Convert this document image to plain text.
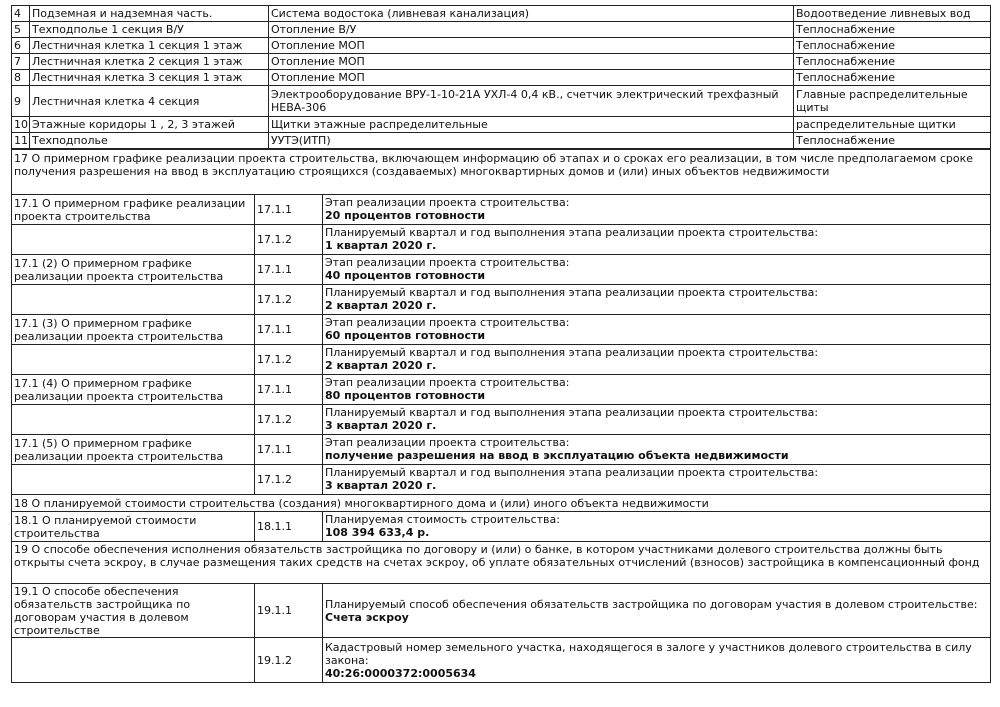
4	Подземная и надземная часть.	Система водостока (ливневая канализация)	Водоотведение ливневых вод
5	Техподполье 1 секция В/У	Отопление В/У	Теплоснабжение
6	Лестничная клетка 1 секция 1 этаж	Отопление МОП	Теплоснабжение
7	Лестничная клетка 2 секция 1 этаж	Отопление МОП	Теплоснабжение
8	Лестничная клетка 3 секция 1 этаж	Отопление МОП	Теплоснабжение
9	Лестничная клетка 4 секция	Электрооборудование ВРУ-1-10-21А УХЛ-4 0,4 кВ., счетчик электрический трехфазный НЕВА-306	Главные распределительные щиты
10	Этажные коридоры 1 , 2, 3 этажей	Щитки этажные распределительные	распределительные щитки
11	Техподполье	УУТЭ(ИТП)	Теплоснабжение
17 О примерном графике реализации проекта строительства, включающем информацию об этапах и о сроках его реализации, в том числе предполагаемом сроке получения разрешения на ввод в эксплуатацию строящихся (создаваемых) многоквартирных домов и (или) иных объектов недвижимости		
17.1 О примерном графике реализации проекта строительства	17.1.1	Этап реализации проекта строительства:
20 процентов готовности
	17.1.2	Планируемый квартал и год выполнения этапа реализации проекта строительства:
1 квартал 2020 г.
17.1 (2) О примерном графике реализации проекта строительства	17.1.1	Этап реализации проекта строительства:
40 процентов готовности
	17.1.2	Планируемый квартал и год выполнения этапа реализации проекта строительства:
2 квартал 2020 г.
17.1 (3) О примерном графике реализации проекта строительства	17.1.1	Этап реализации проекта строительства:
60 процентов готовности
	17.1.2	Планируемый квартал и год выполнения этапа реализации проекта строительства:
2 квартал 2020 г.
17.1 (4) О примерном графике реализации проекта строительства	17.1.1	Этап реализации проекта строительства:
80 процентов готовности
	17.1.2	Планируемый квартал и год выполнения этапа реализации проекта строительства:
3 квартал 2020 г.
17.1 (5) О примерном графике реализации проекта строительства	17.1.1	Этап реализации проекта строительства:
получение разрешения на ввод в эксплуатацию объекта недвижимости
	17.1.2	Планируемый квартал и год выполнения этапа реализации проекта строительства:
3 квартал 2020 г.
18 О планируемой стоимости строительства (создания) многоквартирного дома и (или) иного объекта недвижимости		
18.1 О планируемой стоимости строительства	18.1.1	Планируемая стоимость строительства:
108 394 633,4 р.
19 О способе обеспечения исполнения обязательств застройщика по договору и (или) о банке, в котором участниками долевого строительства должны быть открыты счета эскроу, в случае размещения таких средств на счетах эскроу, об уплате обязательных отчислений (взносов) застройщика в компенсационный фонд		
19.1 О способе обеспечения обязательств застройщика по договорам участия в долевом строительстве	19.1.1	Планируемый способ обеспечения обязательств застройщика по договорам участия в долевом строительстве:
Счета эскроу
	19.1.2	Кадастровый номер земельного участка, находящегося в залоге у участников долевого строительства в силу закона:
40:26:0000372:0005634
